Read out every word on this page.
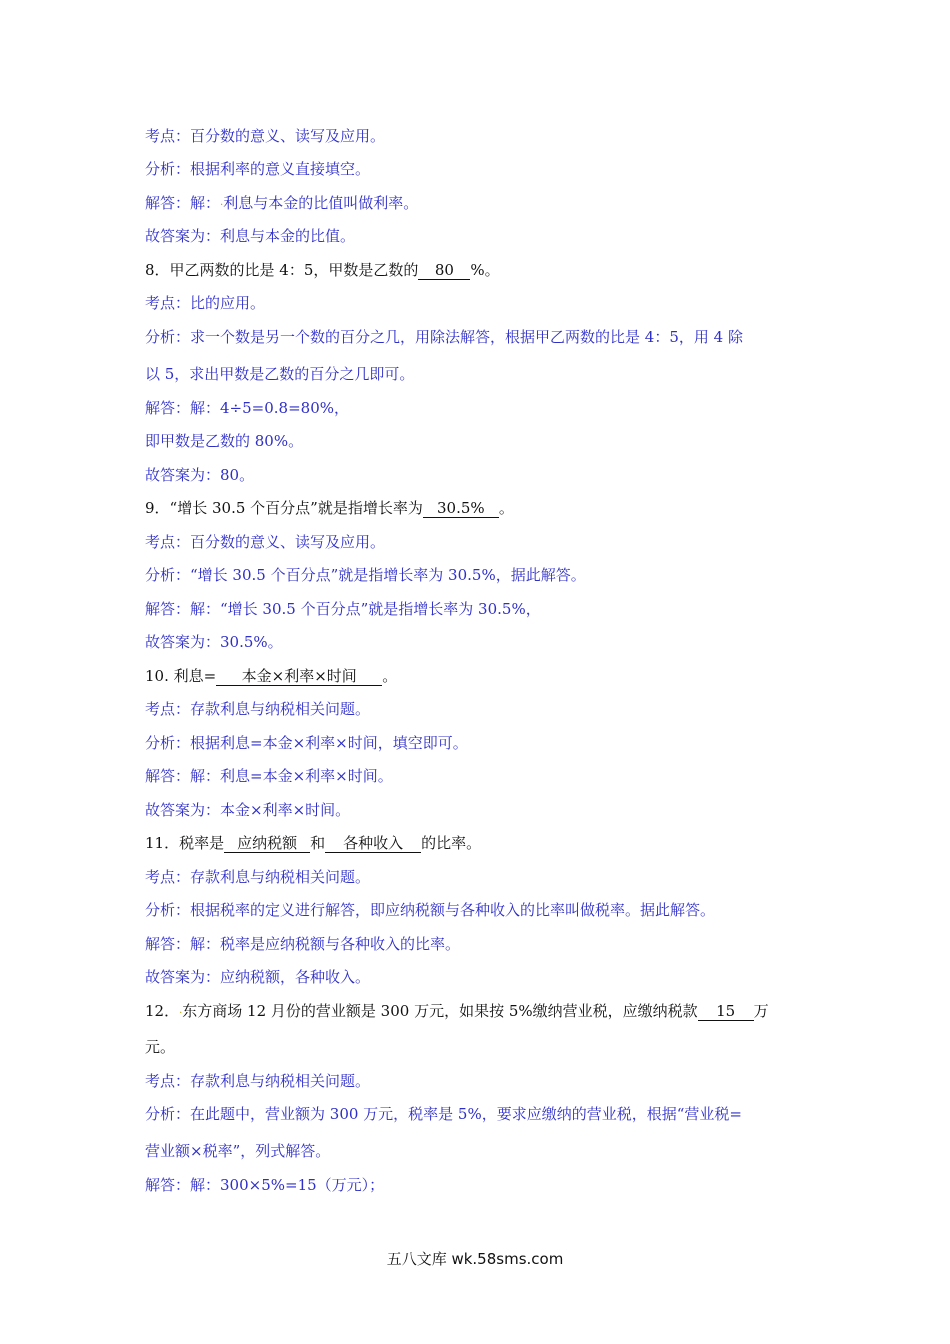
考点：百分数的意义、读写及应用。
分析：根据利率的意义直接填空。
解答：解：.利息与本金的比值叫做利率。
故答案为：利息与本金的比值。
8．甲乙两数的比是 4：5，甲数是乙数的 80 %。
考点：比的应用。
分析：求一个数是另一个数的百分之几，用除法解答，根据甲乙两数的比是 4：5，用 4 除
以 5，求出甲数是乙数的百分之几即可。
解答：解：4÷5=0.8=80%，
即甲数是乙数的 80%。
故答案为：80。
9．“增长 30.5 个百分点”就是指增长率为 30.5% 。
考点：百分数的意义、读写及应用。
分析：“增长 30.5 个百分点”就是指增长率为 30.5%，据此解答。
解答：解：“增长 30.5 个百分点”就是指增长率为 30.5%，
故答案为：30.5%。
10. 利息= 本金×利率×时间 。
考点：存款利息与纳税相关问题。
分析：根据利息=本金×利率×时间，填空即可。
解答：解：利息=本金×利率×时间。
故答案为：本金×利率×时间。
11．税率是 应纳税额 和 各种收入 的比率。
考点：存款利息与纳税相关问题。
分析：根据税率的定义进行解答，即应纳税额与各种收入的比率叫做税率。据此解答。
解答：解：税率是应纳税额与各种收入的比率。
故答案为：应纳税额，各种收入。
12．.东方商场 12 月份的营业额是 300 万元，如果按 5%缴纳营业税，应缴纳税款 15 万
元。
考点：存款利息与纳税相关问题。
分析：在此题中，营业额为 300 万元，税率是 5%，要求应缴纳的营业税，根据“营业税=
营业额×税率”，列式解答。
解答：解：300×5%=15（万元）；
五八文库 wk.58sms.com
